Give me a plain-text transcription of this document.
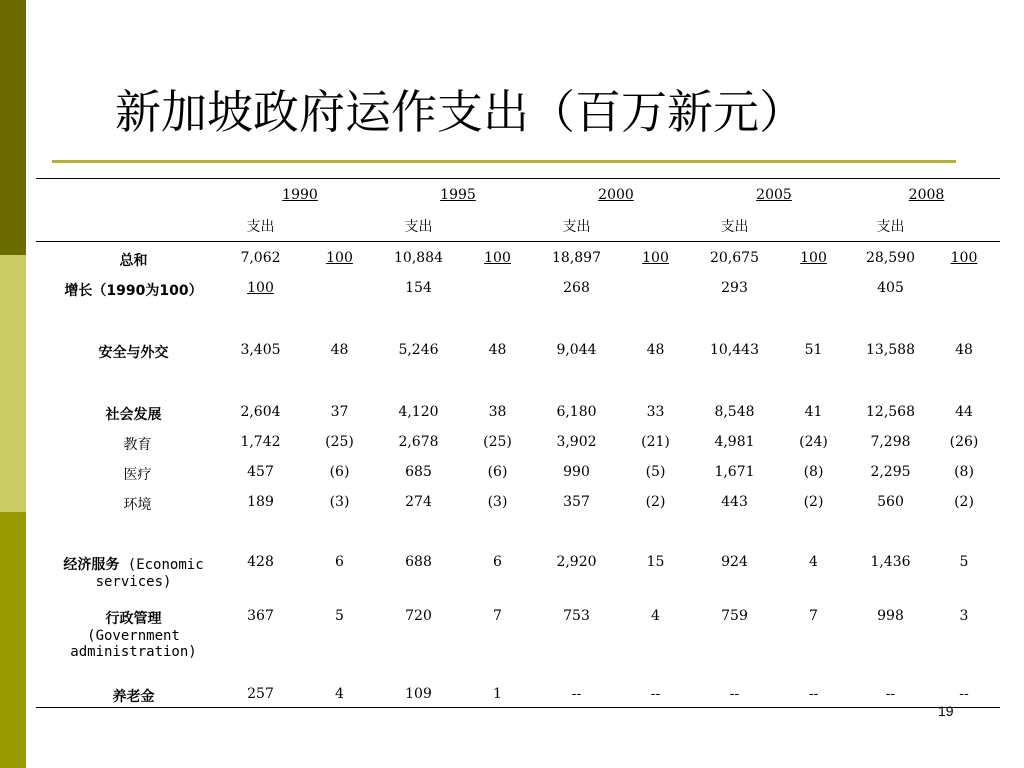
新加坡政府运作支出（百万新元）
	1990		1995		2000		2005		2008	
	支出		支出		支出		支出		支出	
总和	7,062	100	10,884	100	18,897	100	20,675	100	28,590	100
增长（1990为100）	100		154		268		293		405	

安全与外交	3,405	48	5,246	48	9,044	48	10,443	51	13,588	48

社会发展	2,604	37	4,120	38	6,180	33	8,548	41	12,568	44
教育	1,742	(25)	2,678	(25)	3,902	(21)	4,981	(24)	7,298	(26)
医疗	457	(6)	685	(6)	990	(5)	1,671	(8)	2,295	(8)
环境	189	(3)	274	(3)	357	(2)	443	(2)	560	(2)

经济服务 (Economic services)	428	6	688	6	2,920	15	924	4	1,436	5
行政管理
(Government administration)	367	5	720	7	753	4	759	7	998	3
养老金	257	4	109	1	--	--	--	--	--	--
19
